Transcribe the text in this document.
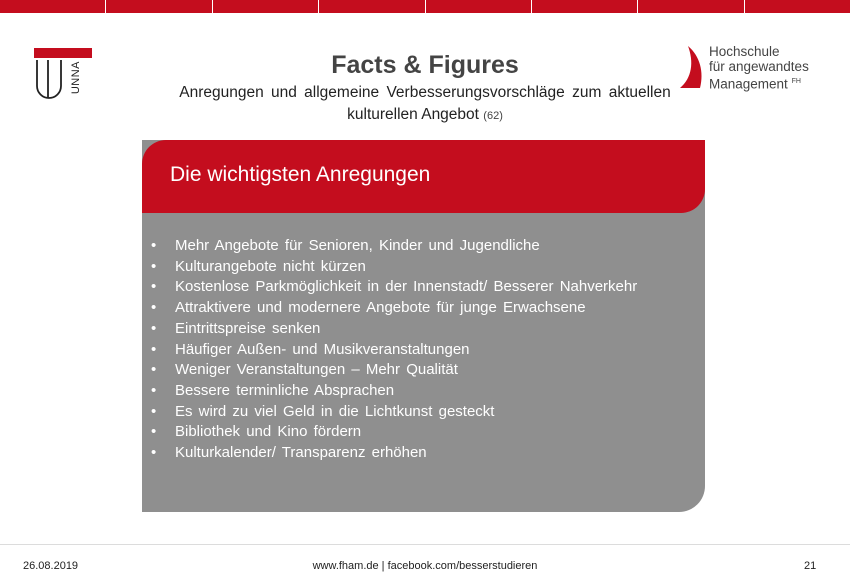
UNNA	Facts & Figures
Anregungen und allgemeine Verbesserungsvorschläge zum aktuellen
kulturellen Angebot (62)
Hochschule
für angewandtes
Management $^{FH}$
Die wichtigsten Anregungen
• Mehr Angebote für Senioren, Kinder und Jugendliche
• Kulturangebote nicht kürzen
• Kostenlose Parkmöglichkeit in der Innenstadt/ Besserer Nahverkehr
• Attraktivere und modernere Angebote für junge Erwachsene
• Eintrittspreise senken
• Häufiger Außen- und Musikveranstaltungen
• Weniger Veranstaltungen – Mehr Qualität
• Bessere terminliche Absprachen
• Es wird zu viel Geld in die Lichtkunst gesteckt
• Bibliothek und Kino fördern
• Kulturkalender/ Transparenz erhöhen
26.08.2019	www.fham.de | facebook.com/besserstudieren	21
